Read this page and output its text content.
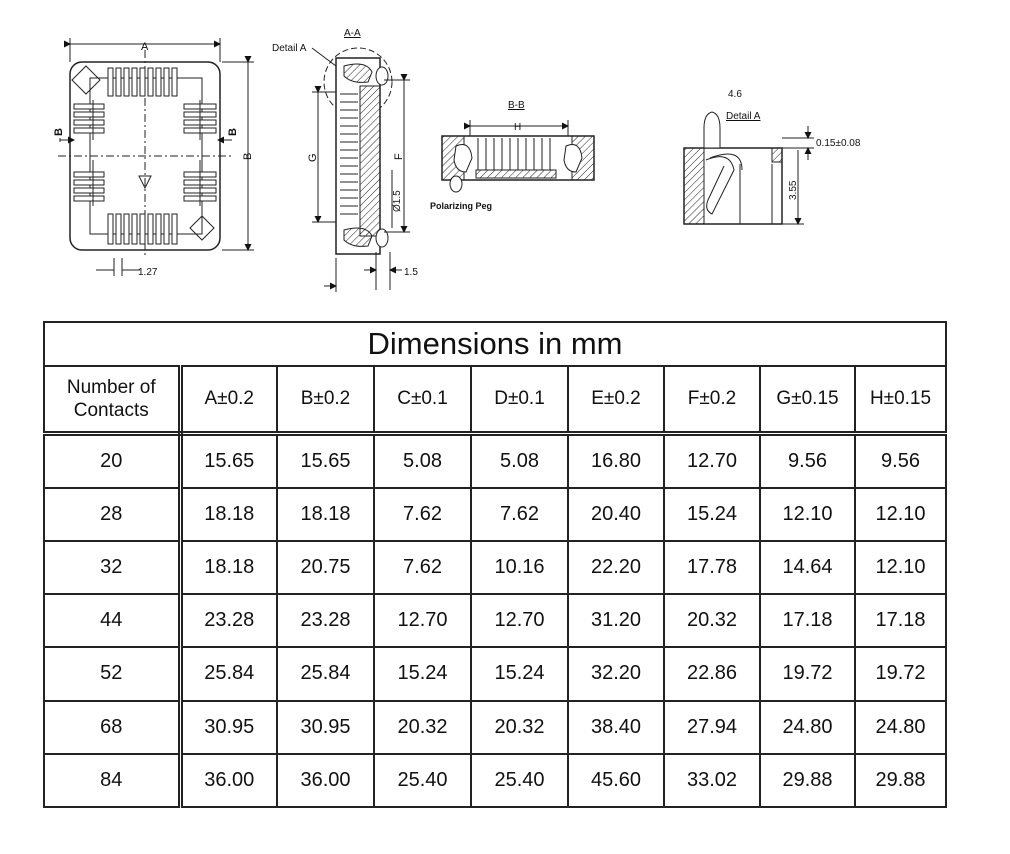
A
B
1.27
B	B
Detail A
A-A
G	F
Ø1.5
1.5
B-B
H
Polarizing Peg
4.6
Detail A
0.15±0.08
3.55
Dimensions in mm								
Number of Contacts	A±0.2	B±0.2	C±0.1	D±0.1	E±0.2	F±0.2	G±0.15	H±0.15
20	15.65	15.65	5.08	5.08	16.80	12.70	9.56	9.56
28	18.18	18.18	7.62	7.62	20.40	15.24	12.10	12.10
32	18.18	20.75	7.62	10.16	22.20	17.78	14.64	12.10
44	23.28	23.28	12.70	12.70	31.20	20.32	17.18	17.18
52	25.84	25.84	15.24	15.24	32.20	22.86	19.72	19.72
68	30.95	30.95	20.32	20.32	38.40	27.94	24.80	24.80
84	36.00	36.00	25.40	25.40	45.60	33.02	29.88	29.88
